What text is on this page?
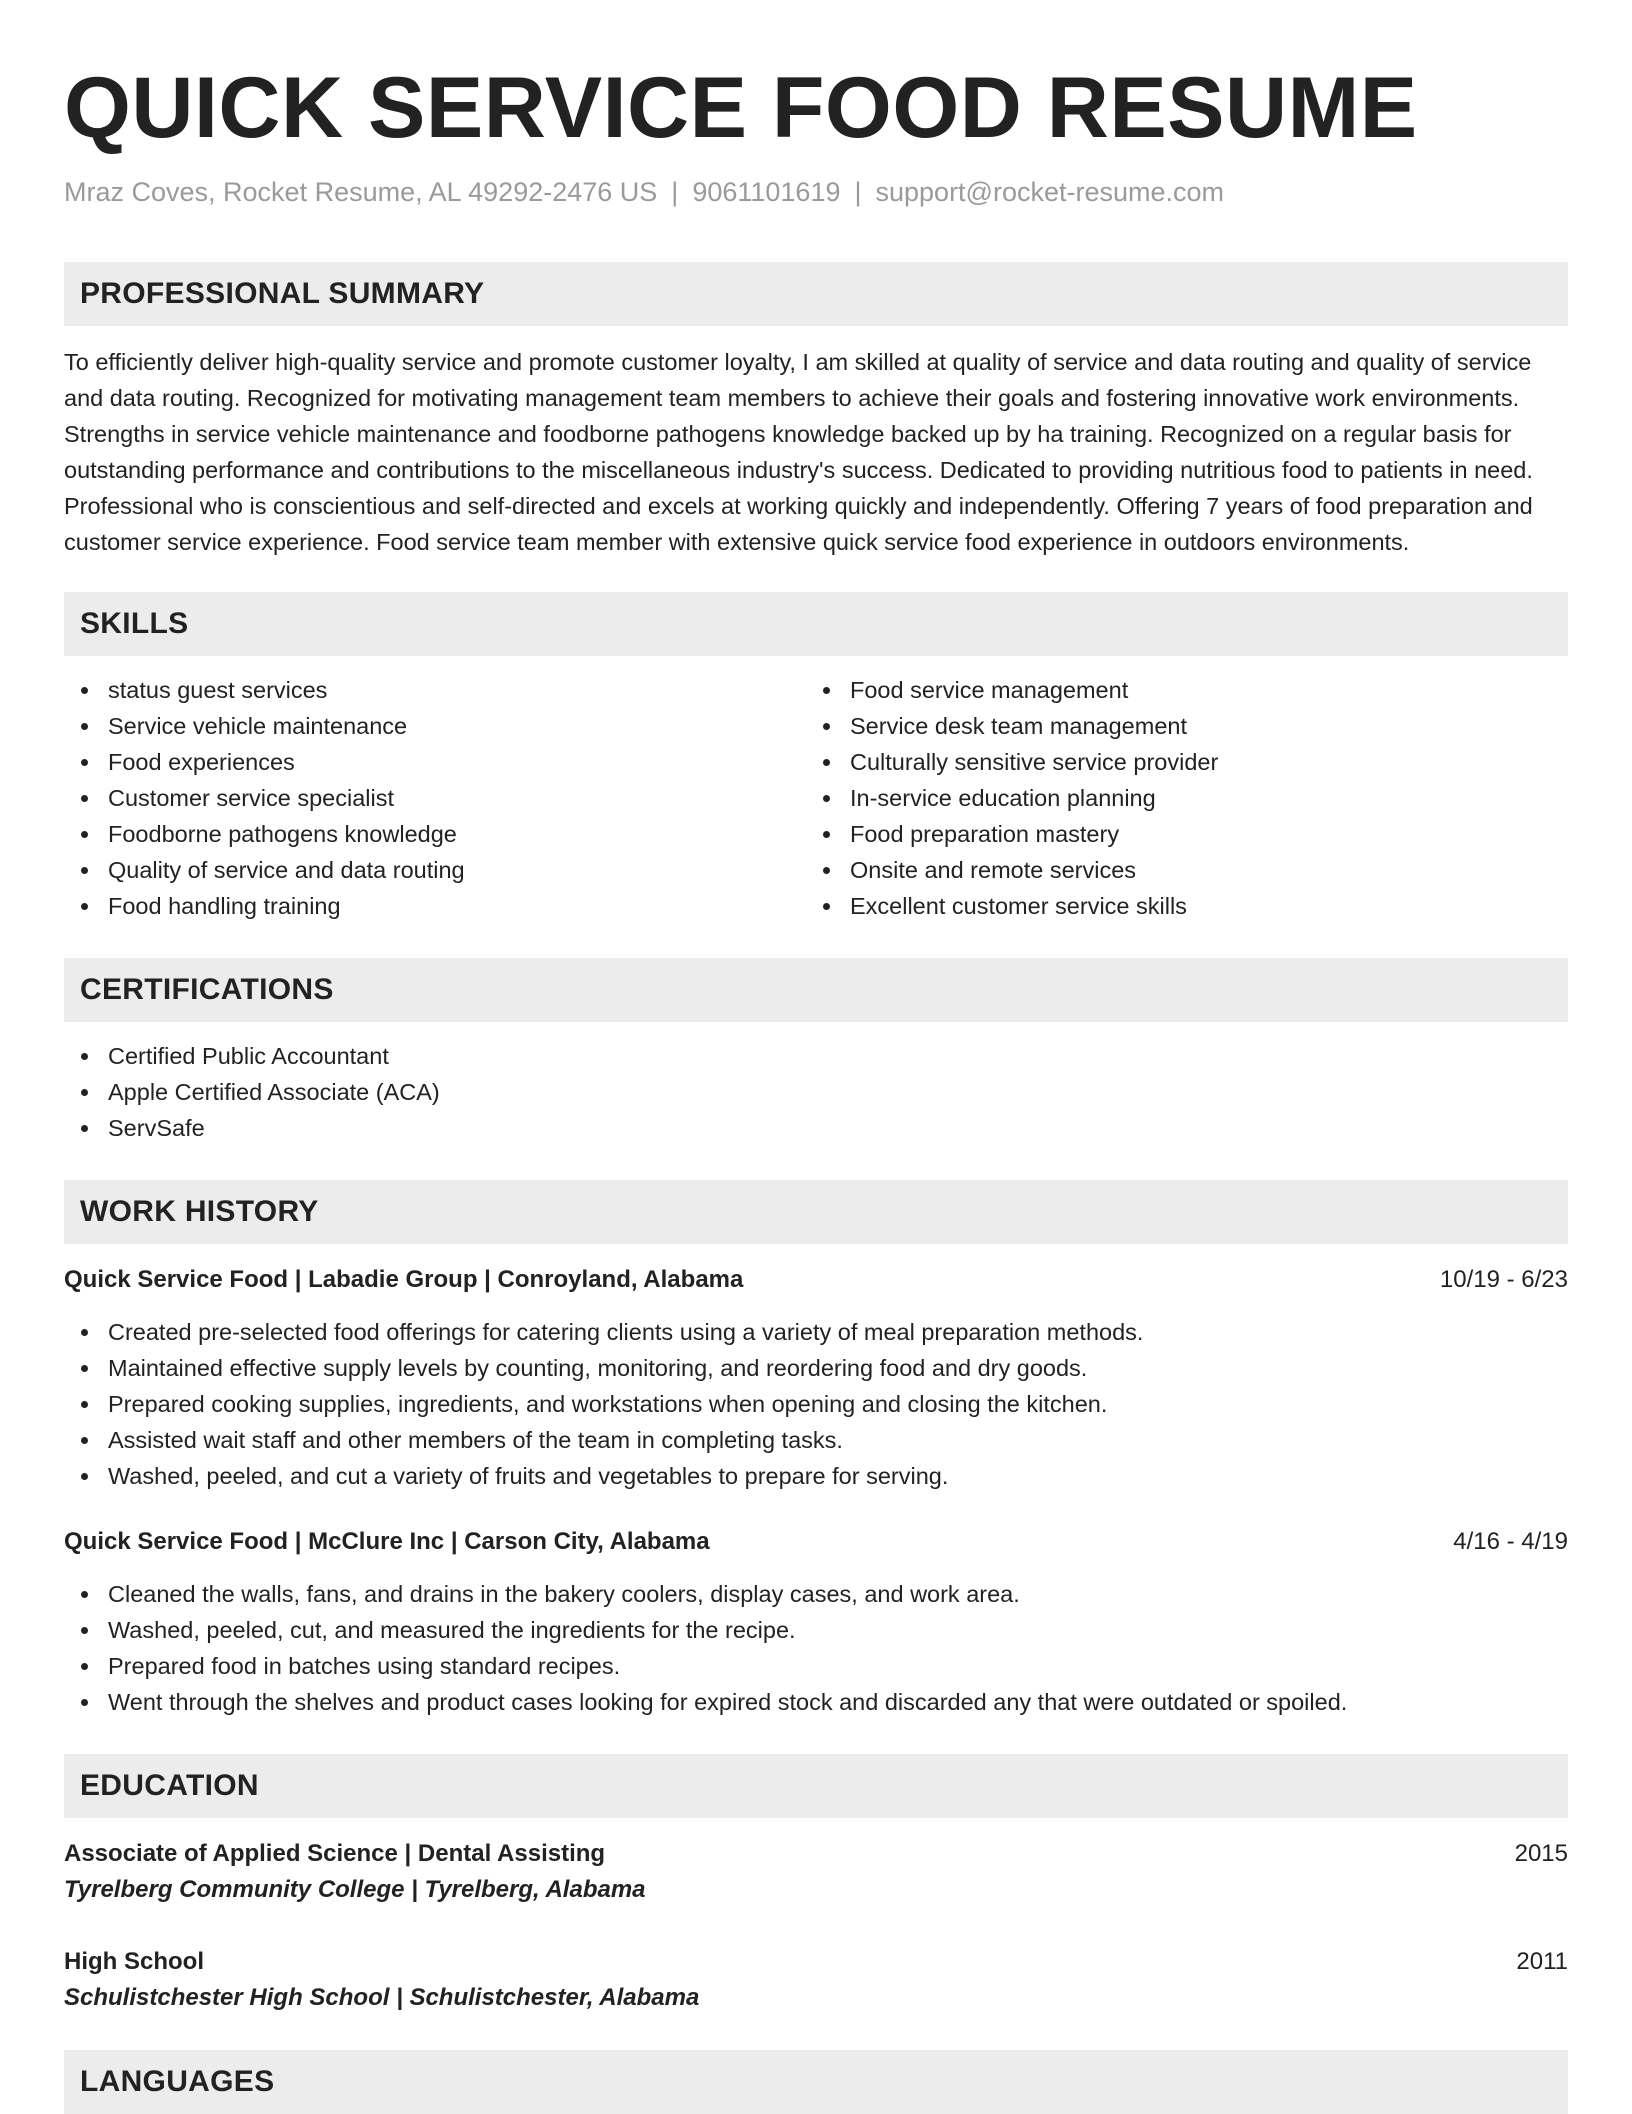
QUICK SERVICE FOOD RESUME
Mraz Coves, Rocket Resume, AL 49292-2476 US | 9061101619 | support@rocket-resume.com
PROFESSIONAL SUMMARY

To efficiently deliver high-quality service and promote customer loyalty, I am skilled at quality of service and data routing and quality of service and data routing. Recognized for motivating management team members to achieve their goals and fostering innovative work environments. Strengths in service vehicle maintenance and foodborne pathogens knowledge backed up by ha training. Recognized on a regular basis for outstanding performance and contributions to the miscellaneous industry's success. Dedicated to providing nutritious food to patients in need. Professional who is conscientious and self-directed and excels at working quickly and independently. Offering 7 years of food preparation and customer service experience. Food service team member with extensive quick service food experience in outdoors environments.

SKILLS
status guest services
Service vehicle maintenance
Food experiences
Customer service specialist
Foodborne pathogens knowledge
Quality of service and data routing
Food handling training
Food service management
Service desk team management
Culturally sensitive service provider
In-service education planning
Food preparation mastery
Onsite and remote services
Excellent customer service skills
CERTIFICATIONS
Certified Public Accountant
Apple Certified Associate (ACA)
ServSafe
WORK HISTORY
Quick Service Food | Labadie Group | Conroyland, Alabama	10/19 - 6/23
Created pre-selected food offerings for catering clients using a variety of meal preparation methods.
Maintained effective supply levels by counting, monitoring, and reordering food and dry goods.
Prepared cooking supplies, ingredients, and workstations when opening and closing the kitchen.
Assisted wait staff and other members of the team in completing tasks.
Washed, peeled, and cut a variety of fruits and vegetables to prepare for serving.
Quick Service Food | McClure Inc | Carson City, Alabama	4/16 - 4/19
Cleaned the walls, fans, and drains in the bakery coolers, display cases, and work area.
Washed, peeled, cut, and measured the ingredients for the recipe.
Prepared food in batches using standard recipes.
Went through the shelves and product cases looking for expired stock and discarded any that were outdated or spoiled.
EDUCATION
Associate of Applied Science | Dental Assisting	2015
Tyrelberg Community College | Tyrelberg, Alabama
High School	2011
Schulistchester High School | Schulistchester, Alabama
LANGUAGES
